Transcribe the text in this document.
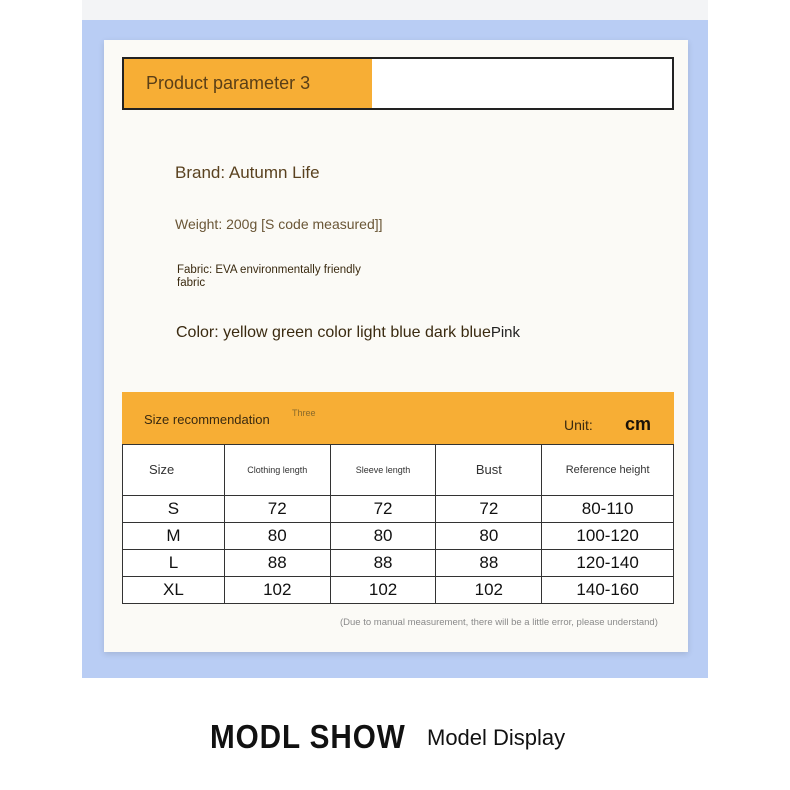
Product parameter 3
Brand: Autumn Life
Weight: 200g [S code measured]]
Fabric: EVA environmentally friendly fabric
Color: yellow green color light blue dark bluePink
Size recommendation Three
Unit: cm
Size	Clothing length	Sleeve length	Bust	Reference height
S	72	72	72	80-110
M	80	80	80	100-120
L	88	88	88	120-140
XL	102	102	102	140-160
(Due to manual measurement, there will be a little error, please understand)
MODL SHOW Model Display
